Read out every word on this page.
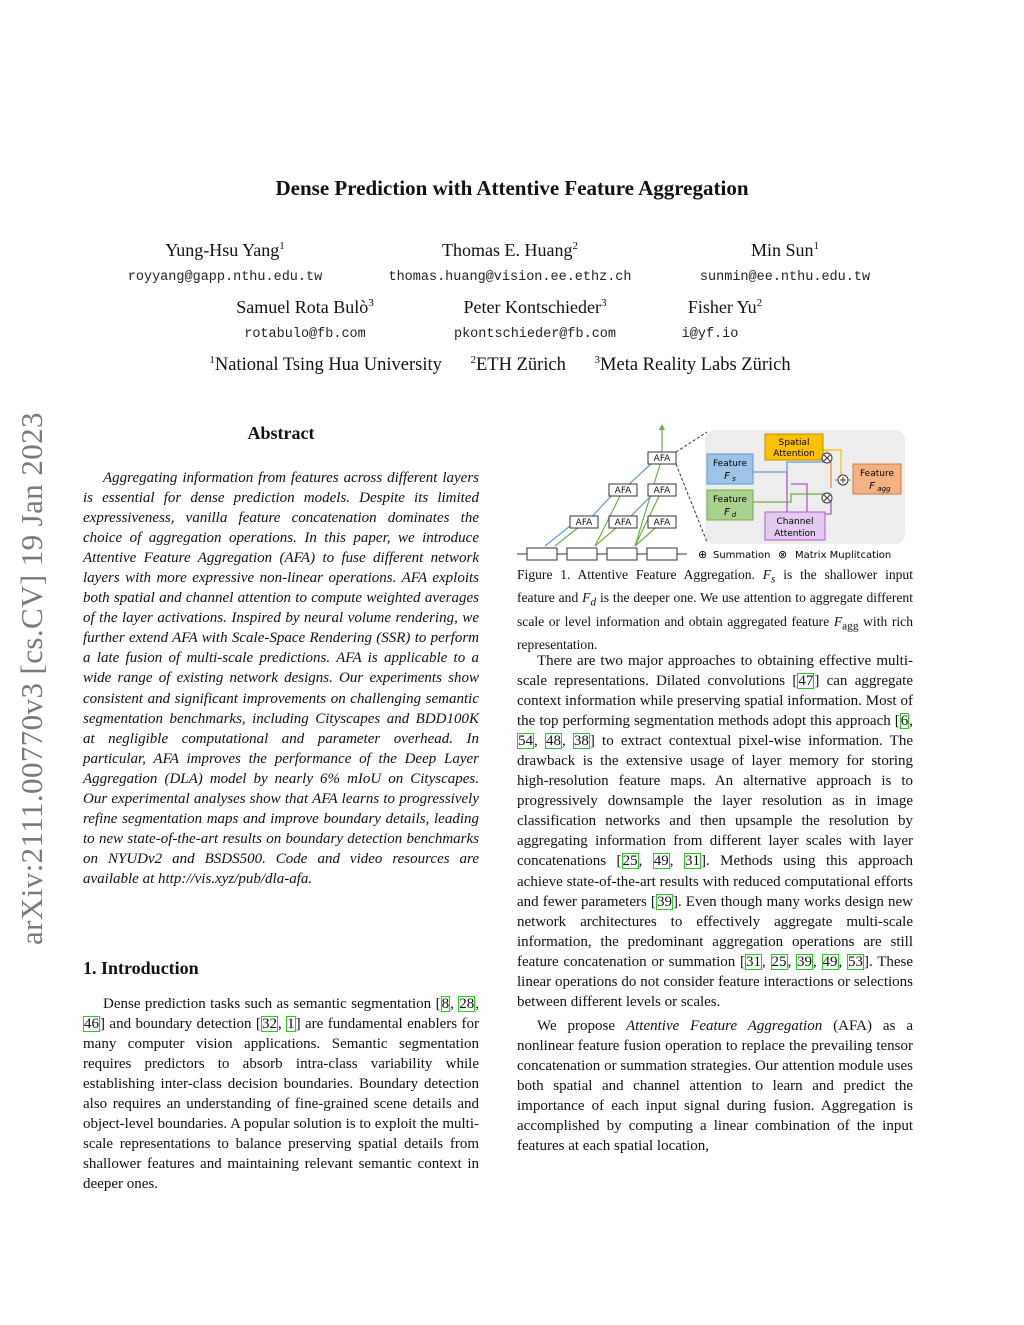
arXiv:2111.00770v3 [cs.CV] 19 Jan 2023
Dense Prediction with Attentive Feature Aggregation
Yung-Hsu Yang$^1$
royyang@gapp.nthu.edu.tw
Thomas E. Huang$^2$
thomas.huang@vision.ee.ethz.ch
Min Sun$^1$
sunmin@ee.nthu.edu.tw
Samuel Rota Bulò$^3$
rotabulo@fb.com
Peter Kontschieder$^3$
pkontschieder@fb.com
Fisher Yu$^2$
i@yf.io
$^1$National Tsing Hua University	$^2$ETH Zürich	$^3$Meta Reality Labs Zürich
Abstract

Aggregating information from features across different layers is essential for dense prediction models. Despite its limited expressiveness, vanilla feature concatenation dominates the choice of aggregation operations. In this paper, we introduce Attentive Feature Aggregation (AFA) to fuse different network layers with more expressive non-linear operations. AFA exploits both spatial and channel attention to compute weighted averages of the layer activations. Inspired by neural volume rendering, we further extend AFA with Scale-Space Rendering (SSR) to perform a late fusion of multi-scale predictions. AFA is applicable to a wide range of existing network designs. Our experiments show consistent and significant improvements on challenging semantic segmentation benchmarks, including Cityscapes and BDD100K at negligible computational and parameter overhead. In particular, AFA improves the performance of the Deep Layer Aggregation (DLA) model by nearly 6% mIoU on Cityscapes. Our experimental analyses show that AFA learns to progressively refine segmentation maps and improve boundary details, leading to new state-of-the-art results on boundary detection benchmarks on NYUDv2 and BSDS500. Code and video resources are available at http://vis.xyz/pub/dla-afa.

1. Introduction

Dense prediction tasks such as semantic segmentation [8, 28, 46] and boundary detection [32, 1] are fundamental enablers for many computer vision applications. Semantic segmentation requires predictors to absorb intra-class variability while establishing inter-class decision boundaries. Boundary detection also requires an understanding of fine-grained scene details and object-level boundaries. A popular solution is to exploit the multi-scale representations to balance preserving spatial details from shallower features and maintaining relevant semantic context in deeper ones.

AFA AFA AFA
AFA AFA
AFA
Spatial
Attention
Feature
F s
Feature
F d
Channel
Attention
Feature
F agg
⊕ Summation ⊗ Matrix Muplitcation
Figure 1. Attentive Feature Aggregation. $F_s$ is the shallower input feature and $F_d$ is the deeper one. We use attention to aggregate different scale or level information and obtain aggregated feature $F_{agg}$ with rich representation.

There are two major approaches to obtaining effective multi-scale representations. Dilated convolutions [47] can aggregate context information while preserving spatial information. Most of the top performing segmentation methods adopt this approach [6, 54, 48, 38] to extract contextual pixel-wise information. The drawback is the extensive usage of layer memory for storing high-resolution feature maps. An alternative approach is to progressively downsample the layer resolution as in image classification networks and then upsample the resolution by aggregating information from different layer scales with layer concatenations [25, 49, 31]. Methods using this approach achieve state-of-the-art results with reduced computational efforts and fewer parameters [39]. Even though many works design new network architectures to effectively aggregate multi-scale information, the predominant aggregation operations are still feature concatenation or summation [31, 25, 39, 49, 53]. These linear operations do not consider feature interactions or selections between different levels or scales.

We propose Attentive Feature Aggregation (AFA) as a nonlinear feature fusion operation to replace the prevailing tensor concatenation or summation strategies. Our attention module uses both spatial and channel attention to learn and predict the importance of each input signal during fusion. Aggregation is accomplished by computing a linear combination of the input features at each spatial location,
